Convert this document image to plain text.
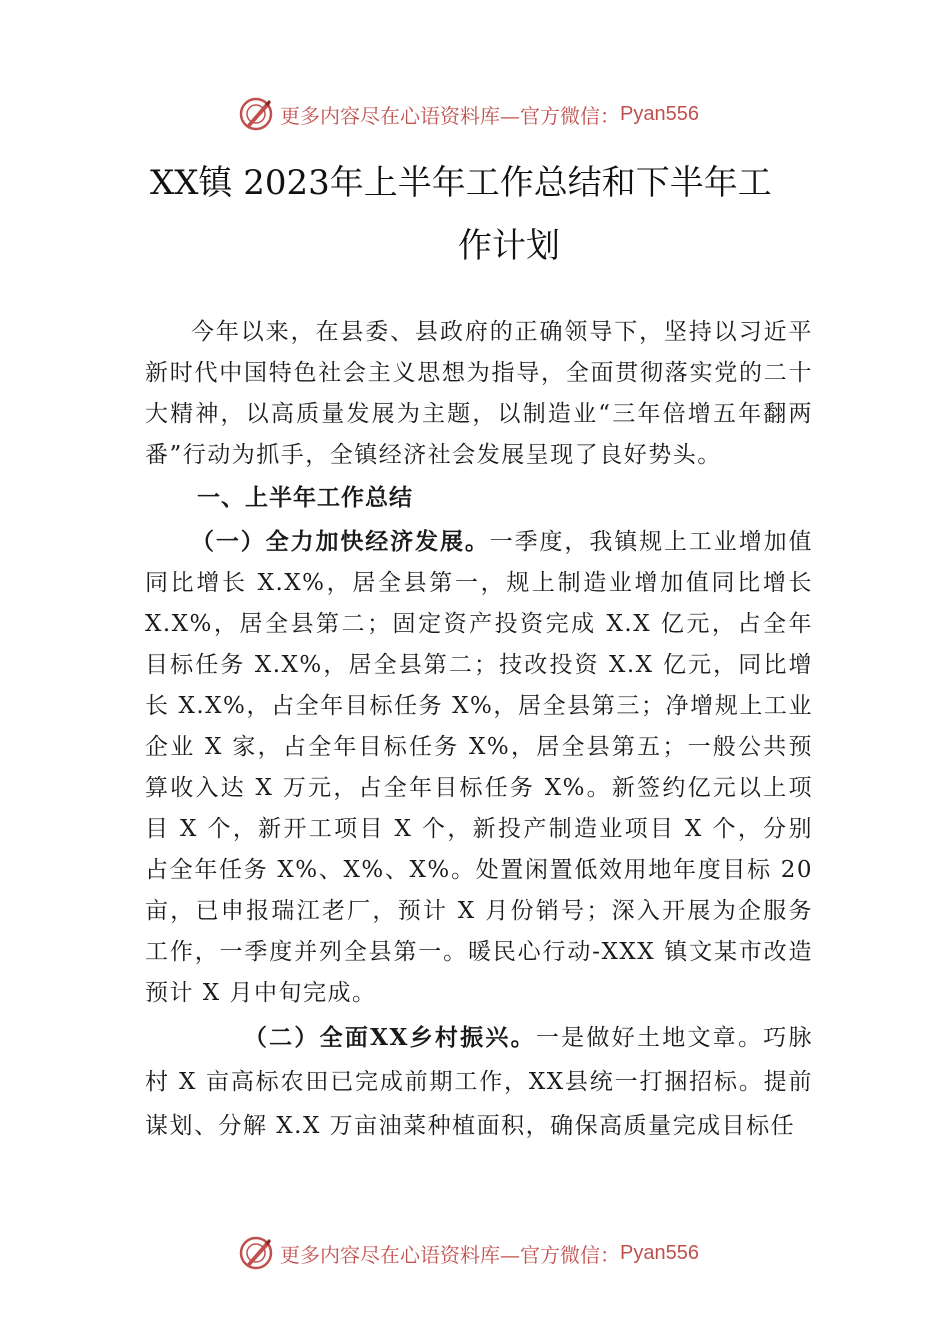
更多内容尽在心语资料库—官方微信： Pyan556
XX镇 2023年上半年工作总结和下半年工
作计划

今年以来，在县委、县政府的正确领导下，坚持以习近平新时代中国特色社会主义思想为指导，全面贯彻落实党的二十大精神，以高质量发展为主题，以制造业“三年倍增五年翻两番”行动为抓手，全镇经济社会发展呈现了良好势头。

一、上半年工作总结

（一）全力加快经济发展。一季度，我镇规上工业增加值同比增长 X.X%，居全县第一，规上制造业增加值同比增长 X.X%，居全县第二；固定资产投资完成 X.X 亿元，占全年目标任务 X.X%，居全县第二；技改投资 X.X 亿元，同比增长 X.X%，占全年目标任务 X%，居全县第三；净增规上工业企业 X 家，占全年目标任务 X%，居全县第五；一般公共预算收入达 X 万元，占全年目标任务 X%。新签约亿元以上项目 X 个，新开工项目 X 个，新投产制造业项目 X 个，分别占全年任务 X%、X%、X%。处置闲置低效用地年度目标 20 亩，已申报瑞江老厂，预计 X 月份销号；深入开展为企服务工作，一季度并列全县第一。暖民心行动-XXX 镇文某市改造预计 X 月中旬完成。

（二）全面XX乡村振兴。一是做好土地文章。巧脉村 X 亩高标农田已完成前期工作，XX县统一打捆招标。提前谋划、分解 X.X 万亩油菜种植面积，确保高质量完成目标任

更多内容尽在心语资料库—官方微信： Pyan556
